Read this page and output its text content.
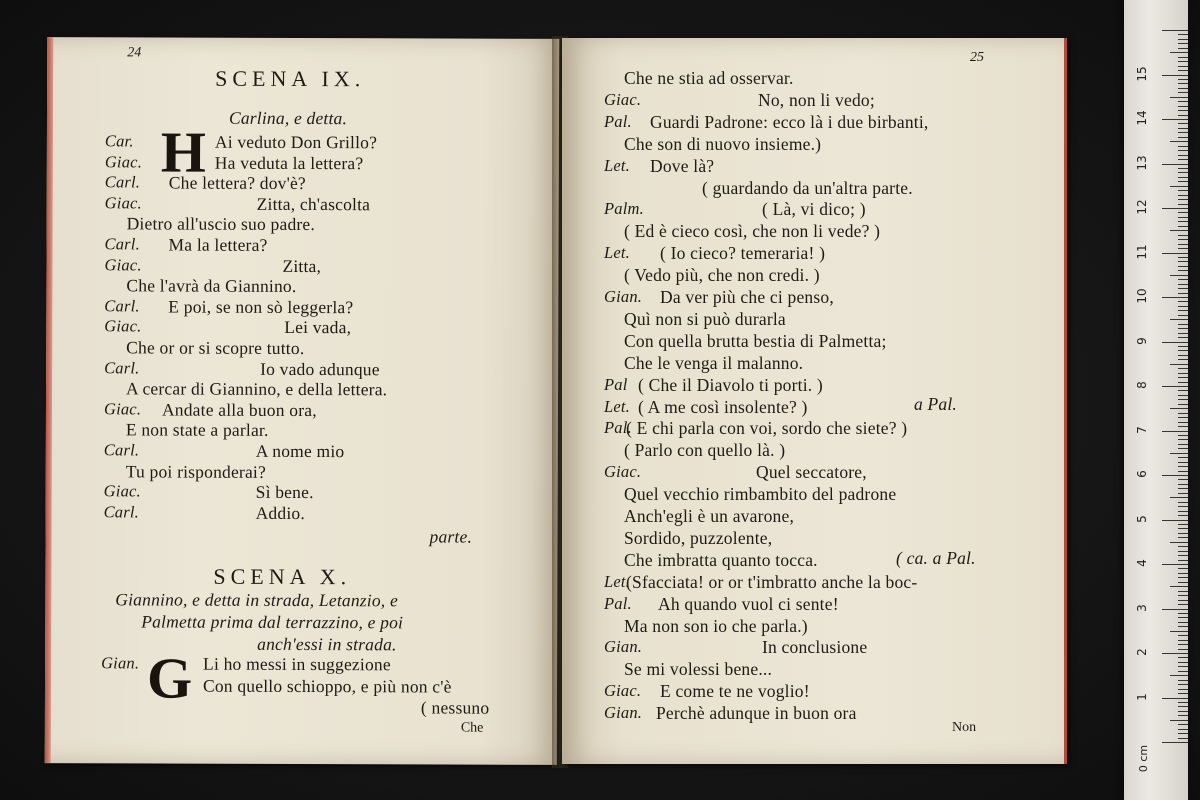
24
SCENA IX.
Carlina, e detta.
H
Car.	Ai veduto Don Grillo?
Giac.	Ha veduta la lettera?
Carl. Che lettera? dov'è?
Giac.	Zitta, ch'ascolta
Dietro all'uscio suo padre.
Carl. Ma la lettera?
Giac.	Zitta,
Che l'avrà da Giannino.
Carl. E poi, se non sò leggerla?
Giac.	Lei vada,
Che or or si scopre tutto.
Carl.	Io vado adunque
A cercar di Giannino, e della lettera.
Giac. Andate alla buon ora,
E non state a parlar.
Carl.	A nome mio
Tu poi risponderai?
Giac.	Sì bene.
Carl.	Addio.
parte.
SCENA X.
Giannino, e detta in strada, Letanzio, e
Palmetta prima dal terrazzino, e poi
anch'essi in strada.
G
Gian.	Li ho messi in suggezione
Con quello schioppo, e più non c'è
( nessuno
Che
25
Che ne stia ad osservar.
Giac.	No, non li vedo;
Pal. Guardi Padrone: ecco là i due birbanti,
Che son di nuovo insieme.)
Let. Dove là?
( guardando da un'altra parte.
Palm.	( Là, vi dico; )
( Ed è cieco così, che non li vede? )
Let. ( Io cieco? temeraria! )
( Vedo più, che non credi. )
Gian. Da ver più che ci penso,
Quì non si può durarla
Con quella brutta bestia di Palmetta;
Che le venga il malanno.
Pal ( Che il Diavolo ti porti. )
Let. ( A me così insolente? )
Pal.
( E chi parla con voi, sordo che siete? )
( Parlo con quello là. )
Giac.	Quel seccatore,
Quel vecchio rimbambito del padrone
Anch'egli è un avarone,
Sordido, puzzolente,
Che imbratta quanto tocca.
Let.
(Sfacciata! or or t'imbratto anche la boc-
Pal. Ah quando vuol ci sente!
Ma non son io che parla.)
Gian.	In conclusione
Se mi volessi bene...
Giac. E come te ne voglio!
Gian. Perchè adunque in buon ora
a Pal.
( ca. a Pal.
Non
0 cm
1
2
3
4
5
6
7
8
9
10
11
12
13
14
15
